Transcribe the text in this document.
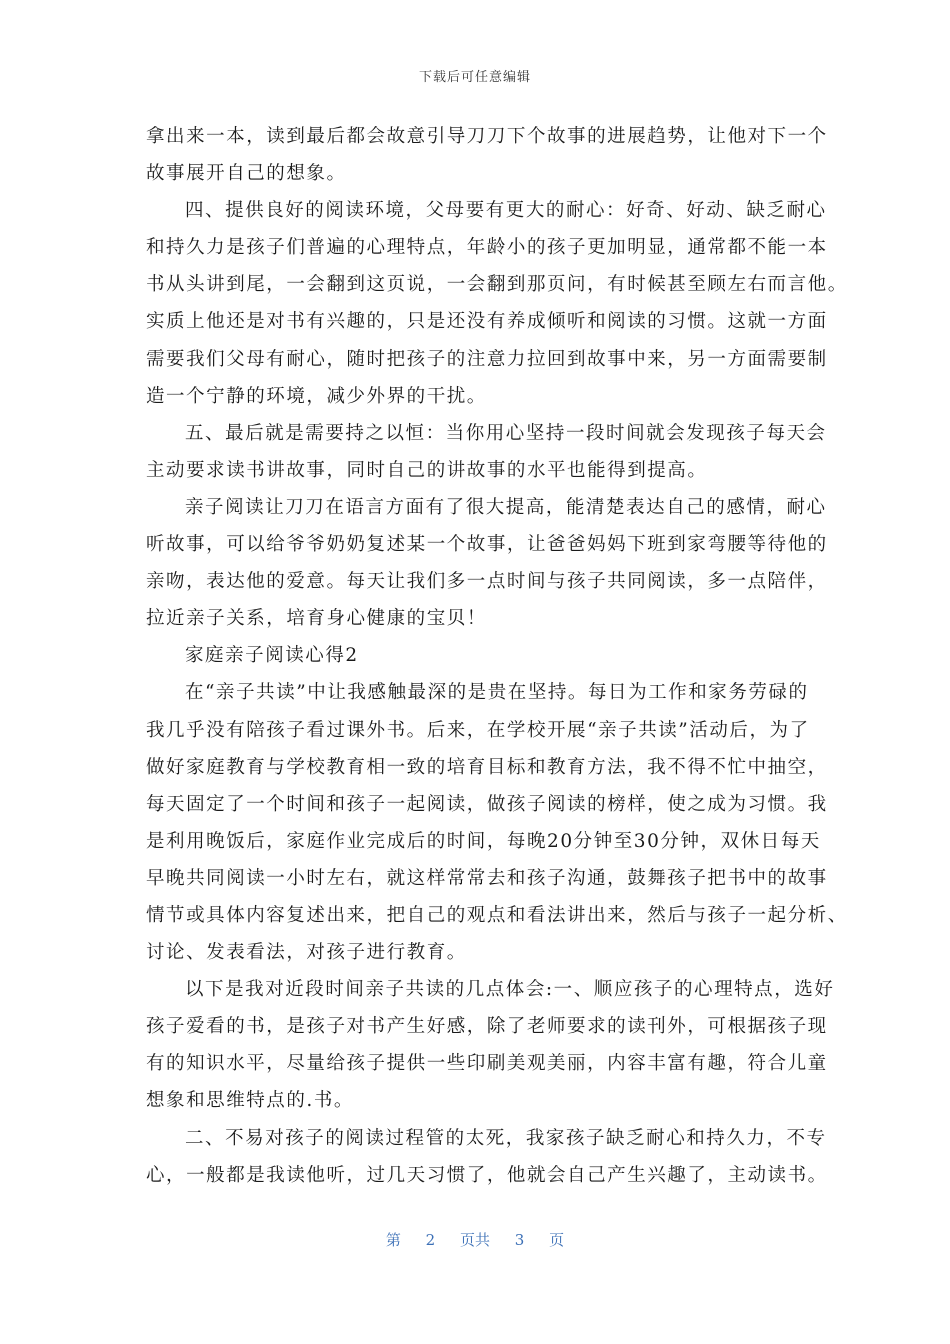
下载后可任意编辑
拿出来一本，读到最后都会故意引导刀刀下个故事的进展趋势，让他对下一个
故事展开自己的想象。
四、提供良好的阅读环境，父母要有更大的耐心：好奇、好动、缺乏耐心
和持久力是孩子们普遍的心理特点，年龄小的孩子更加明显，通常都不能一本
书从头讲到尾，一会翻到这页说，一会翻到那页问，有时候甚至顾左右而言他。
实质上他还是对书有兴趣的，只是还没有养成倾听和阅读的习惯。这就一方面
需要我们父母有耐心，随时把孩子的注意力拉回到故事中来，另一方面需要制
造一个宁静的环境，减少外界的干扰。
五、最后就是需要持之以恒：当你用心坚持一段时间就会发现孩子每天会
主动要求读书讲故事，同时自己的讲故事的水平也能得到提高。
亲子阅读让刀刀在语言方面有了很大提高，能清楚表达自己的感情，耐心
听故事，可以给爷爷奶奶复述某一个故事，让爸爸妈妈下班到家弯腰等待他的
亲吻，表达他的爱意。每天让我们多一点时间与孩子共同阅读，多一点陪伴，
拉近亲子关系，培育身心健康的宝贝！
家庭亲子阅读心得2
在“亲子共读”中让我感触最深的是贵在坚持。每日为工作和家务劳碌的
我几乎没有陪孩子看过课外书。后来，在学校开展“亲子共读”活动后，为了
做好家庭教育与学校教育相一致的培育目标和教育方法，我不得不忙中抽空，
每天固定了一个时间和孩子一起阅读，做孩子阅读的榜样，使之成为习惯。我
是利用晚饭后，家庭作业完成后的时间，每晚20分钟至30分钟，双休日每天
早晚共同阅读一小时左右，就这样常常去和孩子沟通，鼓舞孩子把书中的故事
情节或具体内容复述出来，把自己的观点和看法讲出来，然后与孩子一起分析、
讨论、发表看法，对孩子进行教育。
以下是我对近段时间亲子共读的几点体会:一、顺应孩子的心理特点，选好
孩子爱看的书，是孩子对书产生好感，除了老师要求的读刊外，可根据孩子现
有的知识水平，尽量给孩子提供一些印刷美观美丽，内容丰富有趣，符合儿童
想象和思维特点的.书。
二、不易对孩子的阅读过程管的太死，我家孩子缺乏耐心和持久力，不专
心，一般都是我读他听，过几天习惯了，他就会自己产生兴趣了，主动读书。
第 2 页共 3 页
